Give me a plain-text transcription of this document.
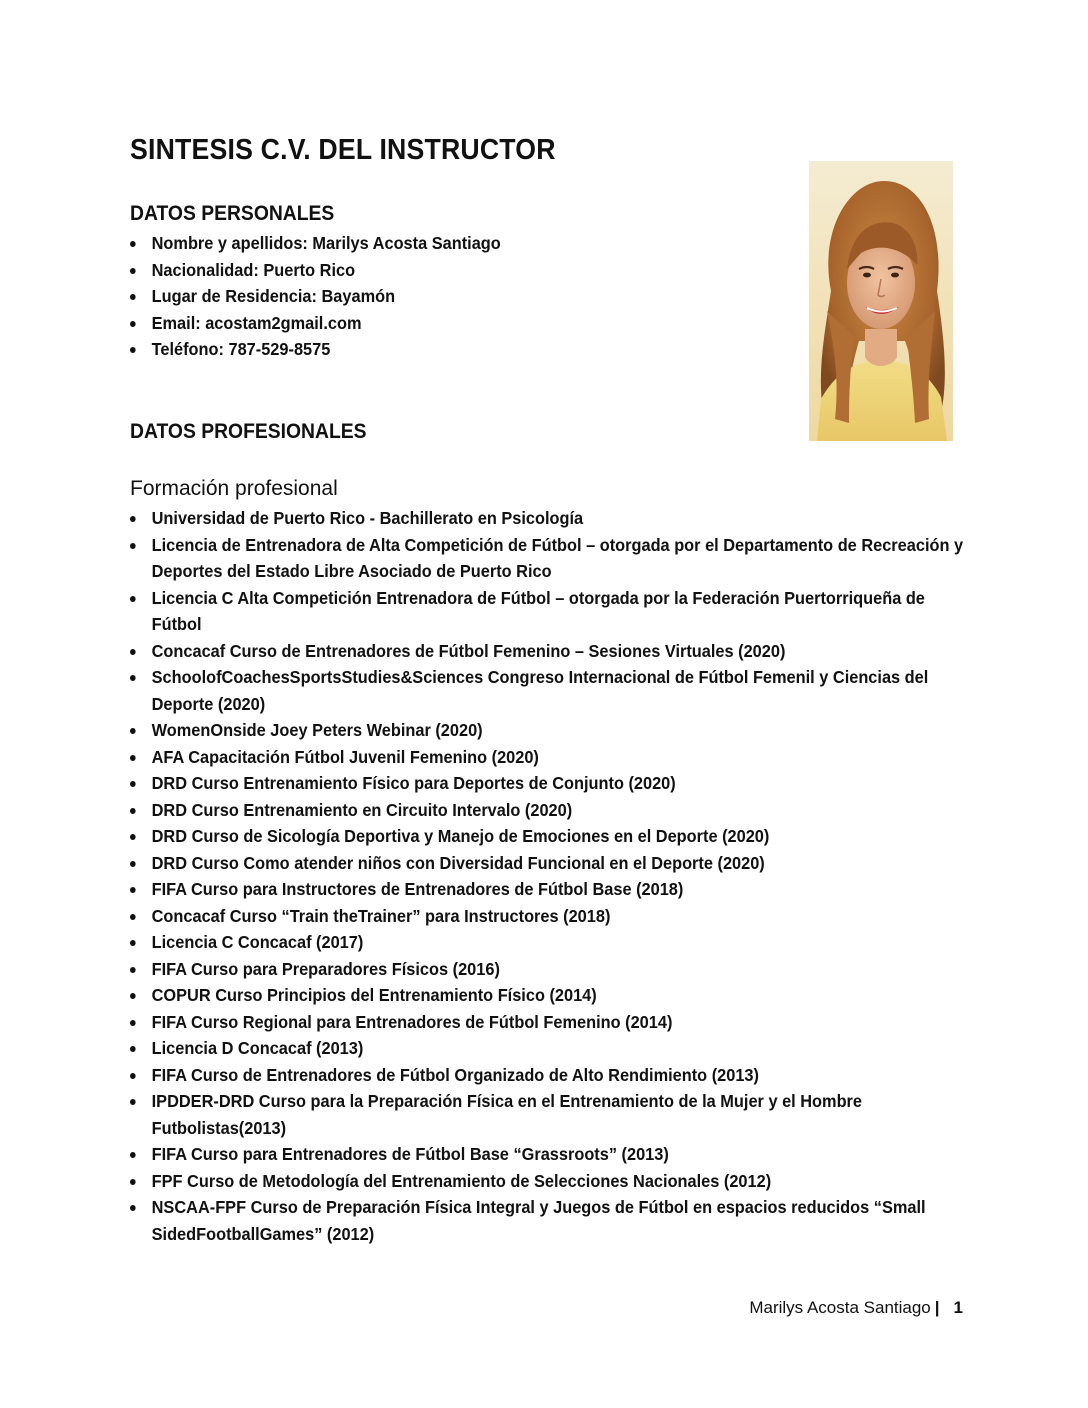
SINTESIS C.V. DEL INSTRUCTOR
DATOS PERSONALES
Nombre y apellidos: Marilys Acosta Santiago
Nacionalidad: Puerto Rico
Lugar de Residencia: Bayamón
Email: acostam2gmail.com
Teléfono: 787-529-8575
DATOS PROFESIONALES
Formación profesional
Universidad de Puerto Rico - Bachillerato en Psicología
Licencia de Entrenadora de Alta Competición de Fútbol – otorgada por el Departamento de Recreación y Deportes del Estado Libre Asociado de Puerto Rico
Licencia C Alta Competición Entrenadora de Fútbol – otorgada por la Federación Puertorriqueña de Fútbol
Concacaf Curso de Entrenadores de Fútbol Femenino – Sesiones Virtuales (2020)
SchoolofCoachesSportsStudies&Sciences Congreso Internacional de Fútbol Femenil y Ciencias del Deporte (2020)
WomenOnside Joey Peters Webinar (2020)
AFA Capacitación Fútbol Juvenil Femenino (2020)
DRD Curso Entrenamiento Físico para Deportes de Conjunto (2020)
DRD Curso Entrenamiento en Circuito Intervalo (2020)
DRD Curso de Sicología Deportiva y Manejo de Emociones en el Deporte (2020)
DRD Curso Como atender niños con Diversidad Funcional en el Deporte (2020)
FIFA Curso para Instructores de Entrenadores de Fútbol Base (2018)
Concacaf Curso “Train theTrainer” para Instructores (2018)
Licencia C Concacaf (2017)
FIFA Curso para Preparadores Físicos (2016)
COPUR Curso Principios del Entrenamiento Físico (2014)
FIFA Curso Regional para Entrenadores de Fútbol Femenino (2014)
Licencia D Concacaf (2013)
FIFA Curso de Entrenadores de Fútbol Organizado de Alto Rendimiento (2013)
IPDDER-DRD Curso para la Preparación Física en el Entrenamiento de la Mujer y el Hombre Futbolistas(2013)
FIFA Curso para Entrenadores de Fútbol Base “Grassroots” (2013)
FPF Curso de Metodología del Entrenamiento de Selecciones Nacionales (2012)
NSCAA-FPF Curso de Preparación Física Integral y Juegos de Fútbol en espacios reducidos “Small SidedFootballGames” (2012)
Marilys Acosta Santiago | 1
